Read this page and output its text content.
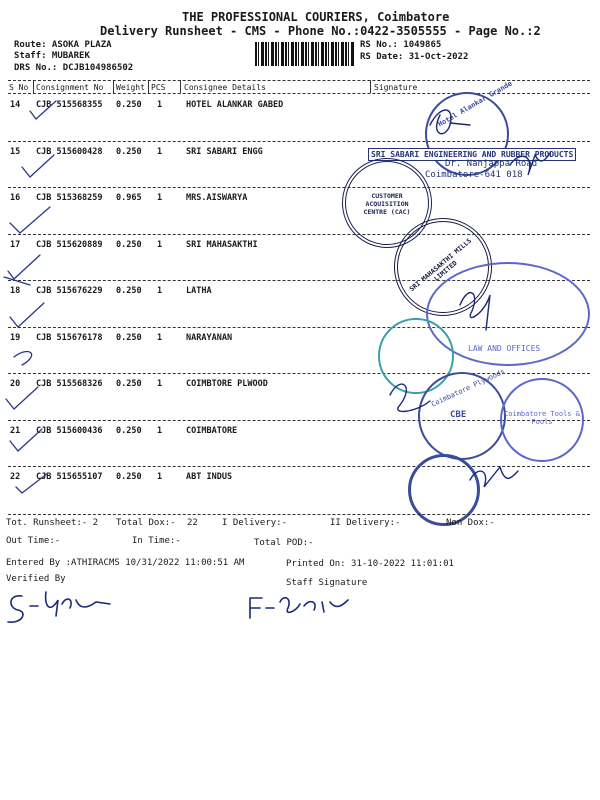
THE PROFESSIONAL COURIERS, Coimbatore
Delivery Runsheet - CMS - Phone No.:0422-3505555 - Page No.:2
Route: ASOKA PLAZA
Staff: MUBAREK
DRS No.: DCJB104986502
RS No.: 1049865
RS Date: 31-Oct-2022
S No Consignment No Weight PCS Consignee Details	Signature
14 CJB 515568355 0.250 1	HOTEL ALANKAR GABED
15 CJB 515600428 0.250 1	SRI SABARI ENGG
16 CJB 515368259 0.965 1	MRS.AISWARYA
17 CJB 515620889 0.250 1	SRI MAHASAKTHI
18 CJB 515676229 0.250 1	LATHA
19 CJB 515676178 0.250 1	NARAYANAN
20 CJB 515568326 0.250 1	COIMBTORE PLWOOD
21 CJB 515600436 0.250 1	COIMBATORE
22 CJB 515655107 0.250 1	ABT INDUS
Hotel Alankar Grande
SRI SABARI ENGINEERING AND RUBBER PRODUCTS
Dr. Nanjappa Road
Coimbatore-641 018
CUSTOMER ACQUISITION CENTRE (CAC)
SRI MAHASAKTHI MILLS LIMITED
LAW AND OFFICES
Coimbatore Plywoods
CBE	Coimbatore Tools & Pools
Tot. Runsheet:- 2 Total Dox:- 22	I Delivery:-	II Delivery:-	Non Dox:-
Out Time:-	In Time:-	Total POD:-
Entered By :ATHIRACMS 10/31/2022 11:00:51 AM	Printed On: 31-10-2022 11:01:01
Verified By	Staff Signature
